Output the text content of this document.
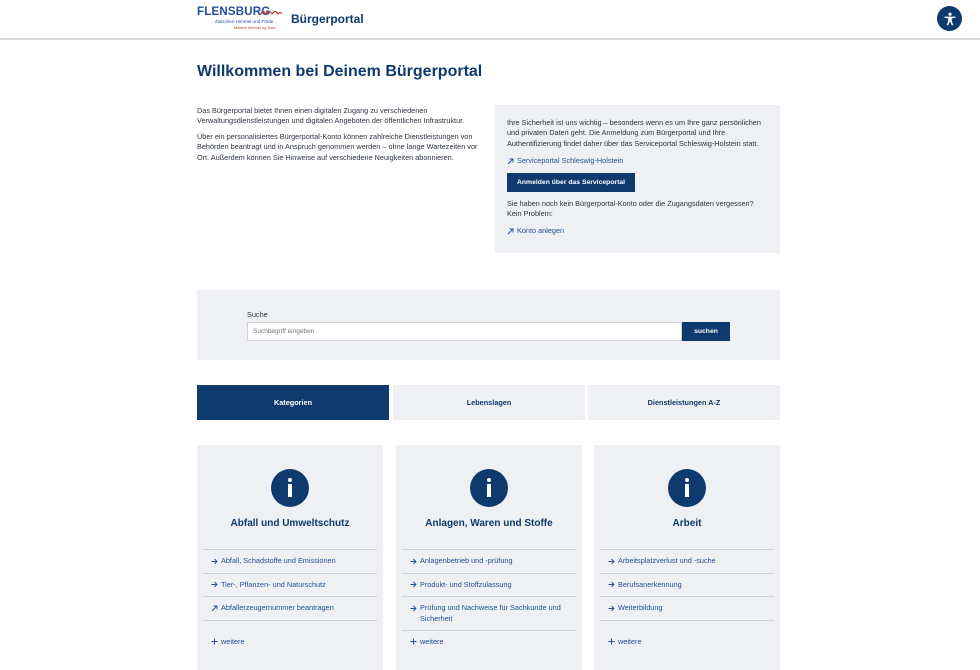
FLENSBURG
Zwischen Himmel und Förde
Mellem himmel og fjord
Bürgerportal
Willkommen bei Deinem Bürgerportal

Das Bürgerportal bietet Ihnen einen digitalen Zugang zu verschiedenen Verwaltungsdienstleistungen und digitalen Angeboten der öffentlichen Infrastruktur.

Über ein personalisiertes Bürgerportal-Konto können zahlreiche Dienstleistungen von Behörden beantragt und in Anspruch genommen werden – ohne lange Wartezeiten vor Ort. Außerdem können Sie Hinweise auf verschiedene Neuigkeiten abonnieren.

Ihre Sicherheit ist uns wichtig – besonders wenn es um Ihre ganz persönlichen und privaten Daten geht. Die Anmeldung zum Bürgerportal und Ihre Authentifizierung findet daher über das Serviceportal Schleswig-Holstein statt.
Serviceportal Schleswig-Holstein
Anmelden über das Serviceportal
Sie haben noch kein Bürgerportal-Konto oder die Zugangsdaten vergessen? Kein Problem:
Konto anlegen
Suche
Suchbegriff eingeben
suchen
Kategorien	Lebenslagen	Dienstleistungen A-Z
Abfall und Umweltschutz
Abfall, Schadstoffe und Emissionen
Tier-, Pflanzen- und Naturschutz
Abfallerzeugernummer beantragen
weitere
Anlagen, Waren und Stoffe
Anlagenbetrieb und -prüfung
Produkt- und Stoffzulassung
Prüfung und Nachweise für Sachkunde und Sicherheit
weitere
Arbeit
Arbeitsplatzverlust und -suche
Berufsanerkennung
Weiterbildung
weitere
